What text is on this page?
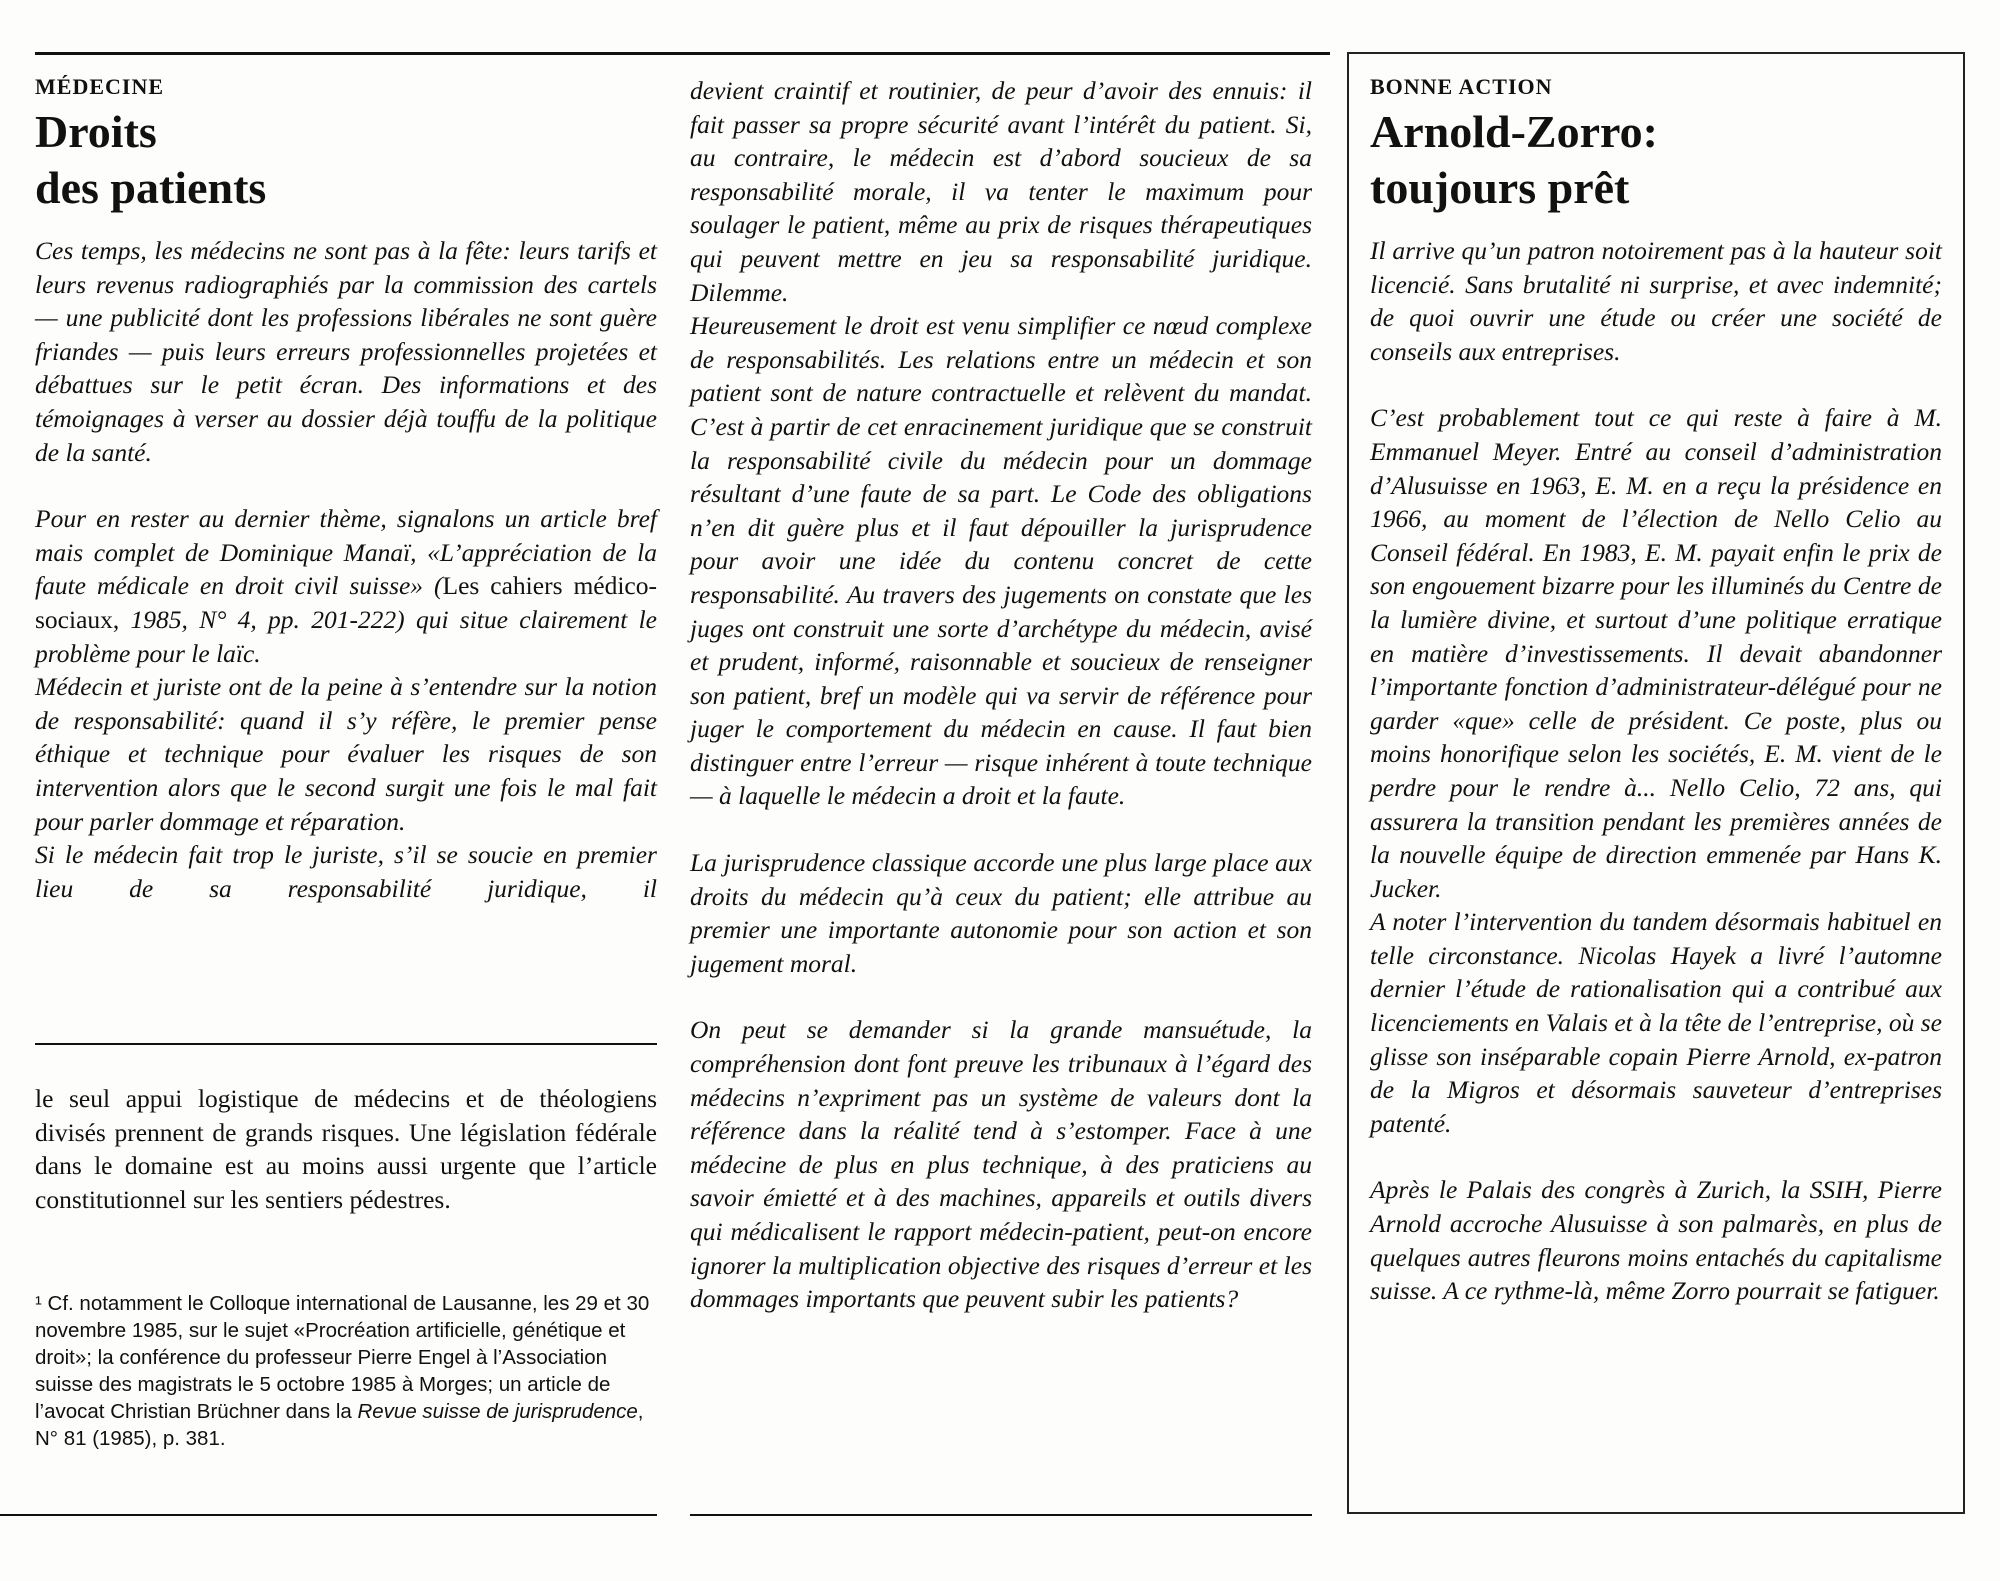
MÉDECINE

Droits
des patients

Ces temps, les médecins ne sont pas à la fête: leurs tarifs et leurs revenus radiographiés par la commission des cartels — une publicité dont les professions libérales ne sont guère friandes — puis leurs erreurs professionnelles projetées et débattues sur le petit écran. Des informations et des témoignages à verser au dossier déjà touffu de la politique de la santé.

Pour en rester au dernier thème, signalons un article bref mais complet de Dominique Manaï, «L’appréciation de la faute médicale en droit civil suisse» (Les cahiers médico-sociaux, 1985, N° 4, pp. 201-222) qui situe clairement le problème pour le laïc.

Médecin et juriste ont de la peine à s’entendre sur la notion de responsabilité: quand il s’y réfère, le premier pense éthique et technique pour évaluer les risques de son intervention alors que le second surgit une fois le mal fait pour parler dommage et réparation.

Si le médecin fait trop le juriste, s’il se soucie en premier lieu de sa responsabilité juridique, il

le seul appui logistique de médecins et de théologiens divisés prennent de grands risques. Une législation fédérale dans le domaine est au moins aussi urgente que l’article constitutionnel sur les sentiers pédestres.

¹ Cf. notamment le Colloque international de Lausanne, les 29 et 30 novembre 1985, sur le sujet «Procréation artificielle, génétique et droit»; la conférence du professeur Pierre Engel à l’Association suisse des magistrats le 5 octobre 1985 à Morges; un article de l’avocat Christian Brüchner dans la Revue suisse de jurisprudence, N° 81 (1985), p. 381.

devient craintif et routinier, de peur d’avoir des ennuis: il fait passer sa propre sécurité avant l’intérêt du patient. Si, au contraire, le médecin est d’abord soucieux de sa responsabilité morale, il va tenter le maximum pour soulager le patient, même au prix de risques thérapeutiques qui peuvent mettre en jeu sa responsabilité juridique. Dilemme.

Heureusement le droit est venu simplifier ce nœud complexe de responsabilités. Les relations entre un médecin et son patient sont de nature contractuelle et relèvent du mandat. C’est à partir de cet enracinement juridique que se construit la responsabilité civile du médecin pour un dommage résultant d’une faute de sa part. Le Code des obligations n’en dit guère plus et il faut dépouiller la jurisprudence pour avoir une idée du contenu concret de cette responsabilité. Au travers des jugements on constate que les juges ont construit une sorte d’archétype du médecin, avisé et prudent, informé, raisonnable et soucieux de renseigner son patient, bref un modèle qui va servir de référence pour juger le comportement du médecin en cause. Il faut bien distinguer entre l’erreur — risque inhérent à toute technique — à laquelle le médecin a droit et la faute.

La jurisprudence classique accorde une plus large place aux droits du médecin qu’à ceux du patient; elle attribue au premier une importante autonomie pour son action et son jugement moral.

On peut se demander si la grande mansuétude, la compréhension dont font preuve les tribunaux à l’égard des médecins n’expriment pas un système de valeurs dont la référence dans la réalité tend à s’estomper. Face à une médecine de plus en plus technique, à des praticiens au savoir émietté et à des machines, appareils et outils divers qui médicalisent le rapport médecin-patient, peut-on encore ignorer la multiplication objective des risques d’erreur et les dommages importants que peuvent subir les patients?

BONNE ACTION

Arnold-Zorro:
toujours prêt

Il arrive qu’un patron notoirement pas à la hauteur soit licencié. Sans brutalité ni surprise, et avec indemnité; de quoi ouvrir une étude ou créer une société de conseils aux entreprises.

C’est probablement tout ce qui reste à faire à M. Emmanuel Meyer. Entré au conseil d’administration d’Alusuisse en 1963, E. M. en a reçu la présidence en 1966, au moment de l’élection de Nello Celio au Conseil fédéral. En 1983, E. M. payait enfin le prix de son engouement bizarre pour les illuminés du Centre de la lumière divine, et surtout d’une politique erratique en matière d’investissements. Il devait abandonner l’importante fonction d’administrateur-délégué pour ne garder «que» celle de président. Ce poste, plus ou moins honorifique selon les sociétés, E. M. vient de le perdre pour le rendre à... Nello Celio, 72 ans, qui assurera la transition pendant les premières années de la nouvelle équipe de direction emmenée par Hans K. Jucker.

A noter l’intervention du tandem désormais habituel en telle circonstance. Nicolas Hayek a livré l’automne dernier l’étude de rationalisation qui a contribué aux licenciements en Valais et à la tête de l’entreprise, où se glisse son inséparable copain Pierre Arnold, ex-patron de la Migros et désormais sauveteur d’entreprises patenté.

Après le Palais des congrès à Zurich, la SSIH, Pierre Arnold accroche Alusuisse à son palmarès, en plus de quelques autres fleurons moins entachés du capitalisme suisse. A ce rythme-là, même Zorro pourrait se fatiguer.
